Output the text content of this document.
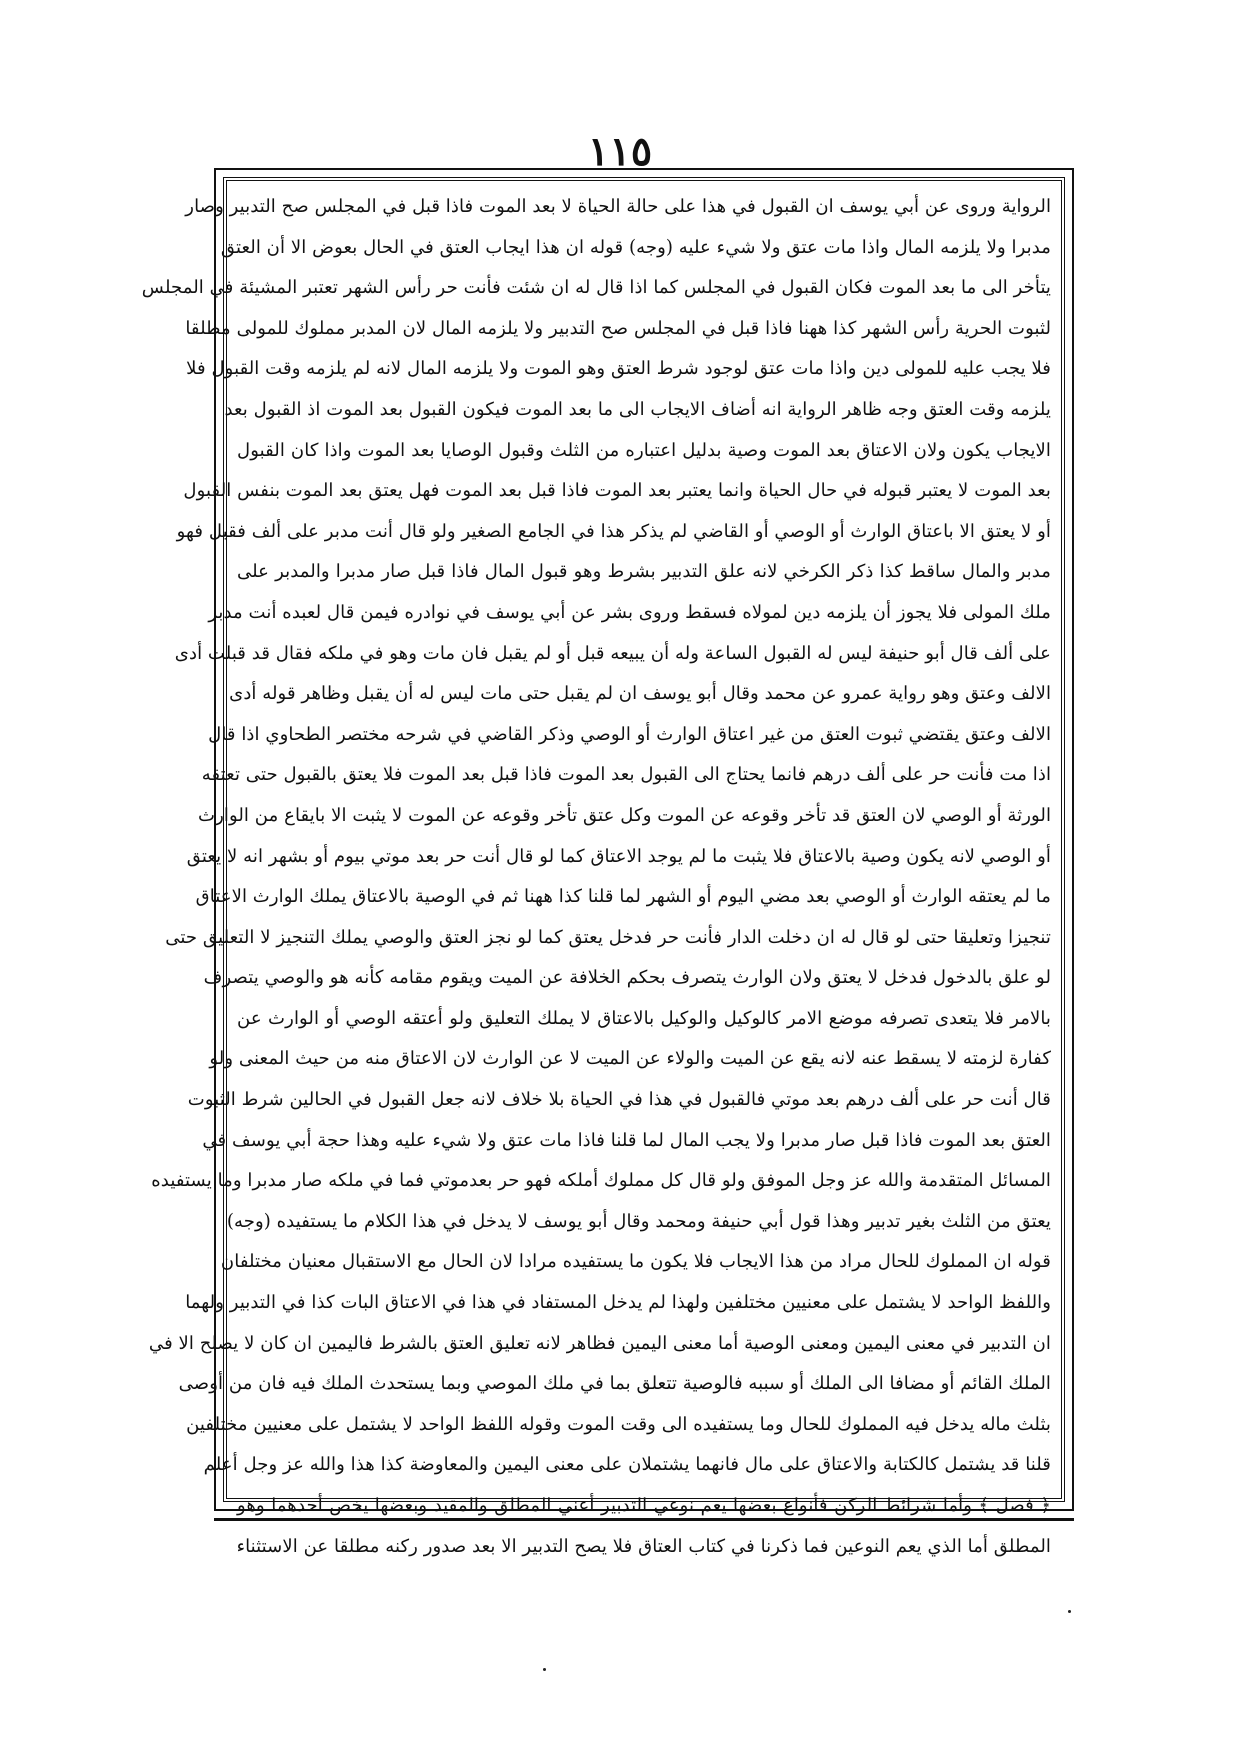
١١٥
الرواية وروى عن أبي يوسف ان القبول في هذا على حالة الحياة لا بعد الموت فاذا قبل في المجلس صح التدبير وصار
مدبرا ولا يلزمه المال واذا مات عتق ولا شيء عليه (وجه) قوله ان هذا ايجاب العتق في الحال بعوض الا أن العتق
يتأخر الى ما بعد الموت فكان القبول في المجلس كما اذا قال له ان شئت فأنت حر رأس الشهر تعتبر المشيئة في المجلس
لثبوت الحرية رأس الشهر كذا ههنا فاذا قبل في المجلس صح التدبير ولا يلزمه المال لان المدبر مملوك للمولى مطلقا
فلا يجب عليه للمولى دين واذا مات عتق لوجود شرط العتق وهو الموت ولا يلزمه المال لانه لم يلزمه وقت القبول فلا
يلزمه وقت العتق وجه ظاهر الرواية انه أضاف الايجاب الى ما بعد الموت فيكون القبول بعد الموت اذ القبول بعد
الايجاب يكون ولان الاعتاق بعد الموت وصية بدليل اعتباره من الثلث وقبول الوصايا بعد الموت واذا كان القبول
بعد الموت لا يعتبر قبوله في حال الحياة وانما يعتبر بعد الموت فاذا قبل بعد الموت فهل يعتق بعد الموت بنفس القبول
أو لا يعتق الا باعتاق الوارث أو الوصي أو القاضي لم يذكر هذا في الجامع الصغير ولو قال أنت مدبر على ألف فقبل فهو
مدبر والمال ساقط كذا ذكر الكرخي لانه علق التدبير بشرط وهو قبول المال فاذا قبل صار مدبرا والمدبر على
ملك المولى فلا يجوز أن يلزمه دين لمولاه فسقط وروى بشر عن أبي يوسف في نوادره فيمن قال لعبده أنت مدبر
على ألف قال أبو حنيفة ليس له القبول الساعة وله أن يبيعه قبل أو لم يقبل فان مات وهو في ملكه فقال قد قبلت أدى
الالف وعتق وهو رواية عمرو عن محمد وقال أبو يوسف ان لم يقبل حتى مات ليس له أن يقبل وظاهر قوله أدى
الالف وعتق يقتضي ثبوت العتق من غير اعتاق الوارث أو الوصي وذكر القاضي في شرحه مختصر الطحاوي اذا قال
اذا مت فأنت حر على ألف درهم فانما يحتاج الى القبول بعد الموت فاذا قبل بعد الموت فلا يعتق بالقبول حتى تعتقه
الورثة أو الوصي لان العتق قد تأخر وقوعه عن الموت وكل عتق تأخر وقوعه عن الموت لا يثبت الا بايقاع من الوارث
أو الوصي لانه يكون وصية بالاعتاق فلا يثبت ما لم يوجد الاعتاق كما لو قال أنت حر بعد موتي بيوم أو بشهر انه لا يعتق
ما لم يعتقه الوارث أو الوصي بعد مضي اليوم أو الشهر لما قلنا كذا ههنا ثم في الوصية بالاعتاق يملك الوارث الاعتاق
تنجيزا وتعليقا حتى لو قال له ان دخلت الدار فأنت حر فدخل يعتق كما لو نجز العتق والوصي يملك التنجيز لا التعليق حتى
لو علق بالدخول فدخل لا يعتق ولان الوارث يتصرف بحكم الخلافة عن الميت ويقوم مقامه كأنه هو والوصي يتصرف
بالامر فلا يتعدى تصرفه موضع الامر كالوكيل والوكيل بالاعتاق لا يملك التعليق ولو أعتقه الوصي أو الوارث عن
كفارة لزمته لا يسقط عنه لانه يقع عن الميت والولاء عن الميت لا عن الوارث لان الاعتاق منه من حيث المعنى ولو
قال أنت حر على ألف درهم بعد موتي فالقبول في هذا في الحياة بلا خلاف لانه جعل القبول في الحالين شرط الثبوت
العتق بعد الموت فاذا قبل صار مدبرا ولا يجب المال لما قلنا فاذا مات عتق ولا شيء عليه وهذا حجة أبي يوسف في
المسائل المتقدمة والله عز وجل الموفق ولو قال كل مملوك أملكه فهو حر بعدموتي فما في ملكه صار مدبرا وما يستفيده
يعتق من الثلث بغير تدبير وهذا قول أبي حنيفة ومحمد وقال أبو يوسف لا يدخل في هذا الكلام ما يستفيده (وجه)
قوله ان المملوك للحال مراد من هذا الايجاب فلا يكون ما يستفيده مرادا لان الحال مع الاستقبال معنيان مختلفان
واللفظ الواحد لا يشتمل على معنيين مختلفين ولهذا لم يدخل المستفاد في هذا في الاعتاق البات كذا في التدبير ولهما
ان التدبير في معنى اليمين ومعنى الوصية أما معنى اليمين فظاهر لانه تعليق العتق بالشرط فاليمين ان كان لا يصلح الا في
الملك القائم أو مضافا الى الملك أو سببه فالوصية تتعلق بما في ملك الموصي وبما يستحدث الملك فيه فان من أوصى
بثلث ماله يدخل فيه المملوك للحال وما يستفيده الى وقت الموت وقوله اللفظ الواحد لا يشتمل على معنيين مختلفين
قلنا قد يشتمل كالكتابة والاعتاق على مال فانهما يشتملان على معنى اليمين والمعاوضة كذا هذا والله عز وجل أعلم
﴿ فصل ﴾ وأما شرائط الركن فأنواع بعضها يعم نوعي التدبير أعني المطلق والمقيد وبعضها يخص أحدهما وهو
المطلق أما الذي يعم النوعين فما ذكرنا في كتاب العتاق فلا يصح التدبير الا بعد صدور ركنه مطلقا عن الاستثناء
